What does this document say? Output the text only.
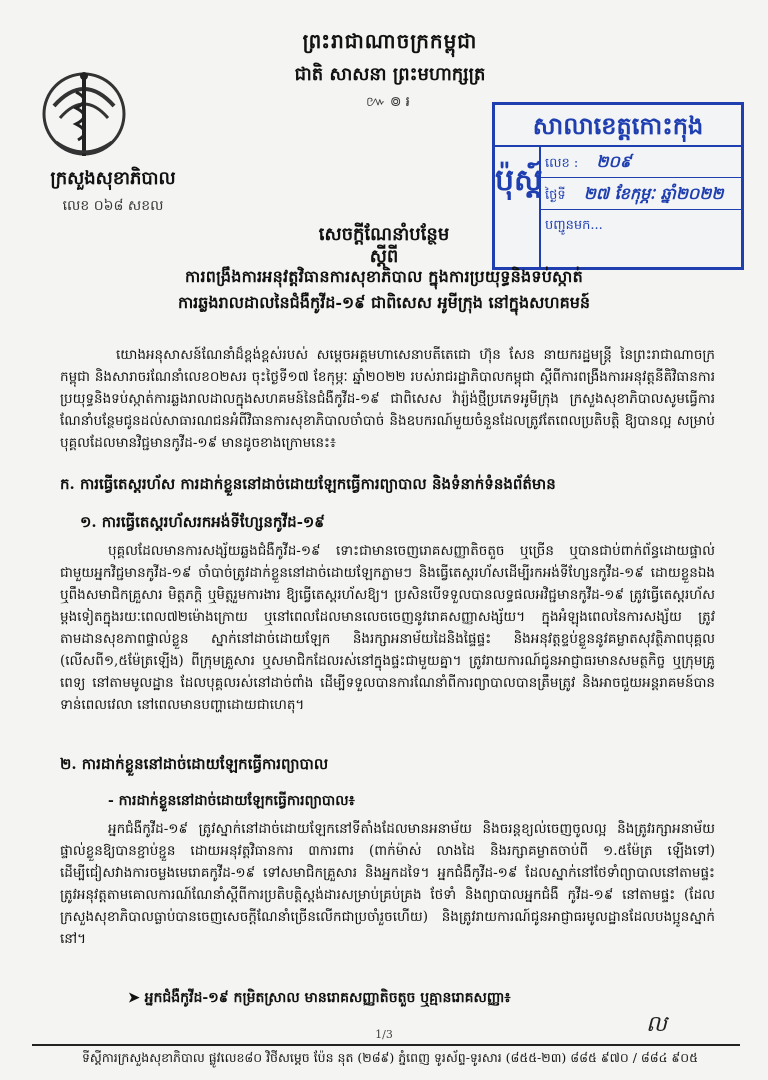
ព្រះរាជាណាចក្រកម្ពុជា
ជាតិ សាសនា ព្រះមហាក្សត្រ
៚៙៛
ក្រសួងសុខាភិបាល
លេខ ០៦៨ សខល
សាលាខេត្តកោះកុង
ប៉ុស្ត៍ លេខ : ២០៩
ថ្ងៃទី ២៧ ខែកុម្ភៈ ឆ្នាំ២០២២
បញ្ជូនមក...
សេចក្តីណែនាំបន្ថែម
ស្តីពី
ការពង្រឹងការអនុវត្តវិធានការសុខាភិបាល ក្នុងការប្រយុទ្ធនិងទប់ស្កាត់
ការឆ្លងរាលដាលនៃជំងឺកូវីដ-១៩ ជាពិសេស អូមីក្រុង នៅក្នុងសហគមន៍
យោងអនុសាសន៍ណែនាំដ៏ខ្ពង់ខ្ពស់របស់ សម្តេចអគ្គមហាសេនាបតីតេជោ ហ៊ុន សែន នាយករដ្ឋមន្ត្រី នៃព្រះរាជាណាចក្រកម្ពុជា និងសារាចរណែនាំលេខ០២សរ ចុះថ្ងៃទី១៧ ខែកុម្ភៈ ឆ្នាំ២០២២ របស់រាជរដ្ឋាភិបាលកម្ពុជា ស្តីពីការពង្រឹងការអនុវត្តនីតិវិធានការប្រយុទ្ធនិងទប់ស្កាត់ការឆ្លងរាលដាលក្នុងសហគមន៍នៃជំងឺកូវីដ-១៩ ជាពិសេស វ៉ារ្យ៉ង់ថ្មីប្រភេទអូមីក្រុង ក្រសួងសុខាភិបាលសូមធ្វើការណែនាំបន្ថែមជូនដល់សាធារណជនអំពីវិធានការសុខាភិបាលចាំបាច់ និងឧបករណ៍មួយចំនួនដែលត្រូវតែពេលប្រតិបត្តិ ឱ្យបានល្អ សម្រាប់បុគ្គលដែលមានវិជ្ជមានកូវីដ-១៩ មានដូចខាងក្រោមនេះ៖
ក. ការធ្វើតេស្តរហ័ស ការដាក់ខ្លួននៅដាច់ដោយឡែកធ្វើការព្យាបាល និងទំនាក់ទំនងព័ត៌មាន
១. ការធ្វើតេស្តរហ័សរកអង់ទីហ្សែនកូវីដ-១៩
បុគ្គលដែលមានការសង្ស័យឆ្លងជំងឺកូវីដ-១៩ ទោះជាមានចេញរោគសញ្ញាតិចតួច ឬច្រើន ឬបានជាប់ពាក់ព័ន្ធដោយផ្ទាល់ជាមួយអ្នកវិជ្ជមានកូវីដ-១៩ ចាំបាច់ត្រូវដាក់ខ្លួននៅដាច់ដោយឡែកភ្លាមៗ និងធ្វើតេស្តរហ័សដើម្បីរកអង់ទីហ្សែនកូវីដ-១៩ ដោយខ្លួនឯង ឬពឹងសមាជិកគ្រួសារ មិត្តភក្តិ ឬមិត្តរួមការងារ ឱ្យធ្វើតេស្តរហ័សឱ្យ។ ប្រសិនបើទទួលបានលទ្ធផលអវិជ្ជមានកូវីដ-១៩ ត្រូវធ្វើតេស្តរហ័សម្តងទៀតក្នុងរយៈពេល៧២ម៉ោងក្រោយ ឬនៅពេលដែលមានលេចចេញនូវរោគសញ្ញាសង្ស័យ។ ក្នុងអំឡុងពេលនៃការសង្ស័យ ត្រូវតាមដានសុខភាពផ្ទាល់ខ្លួន ស្នាក់នៅដាច់ដោយឡែក និងរក្សាអនាម័យដៃនិងផ្ទៃផ្ទះ និងអនុវត្តខ្ទប់ខ្លួននូវគម្លាតសុវត្ថិភាពបុគ្គល (លើសពី១,៥ម៉ែត្រឡើង) ពីក្រុមគ្រួសារ ឬសមាជិកដែលរស់នៅក្នុងផ្ទះជាមួយគ្នា។ ត្រូវរាយការណ៍ជូនអាជ្ញាធរមានសមត្ថកិច្ច ឬក្រុមគ្រូពេទ្យ នៅតាមមូលដ្ឋាន ដែលបុគ្គលរស់នៅដាច់ពាំង ដើម្បីទទួលបានការណែនាំពីការព្យាបាលបានត្រឹមត្រូវ និងអាចជួយអន្តរាគមន៍បានទាន់ពេលវេលា នៅពេលមានបញ្ហាដោយជាហេតុ។
២. ការដាក់ខ្លួននៅដាច់ដោយឡែកធ្វើការព្យាបាល
- ការដាក់ខ្លួននៅដាច់ដោយឡែកធ្វើការព្យាបាល៖
អ្នកជំងឺកូវីដ-១៩ ត្រូវស្នាក់នៅដាច់ដោយឡែកនៅទីតាំងដែលមានអនាម័យ និងចរន្តខ្យល់ចេញចូលល្អ និងត្រូវរក្សាអនាម័យផ្ទាល់ខ្លួនឱ្យបានខ្ជាប់ខ្ជួន ដោយអនុវត្តវិធានការ ៣ការពារ (ពាក់ម៉ាស់ លាងដៃ និងរក្សាគម្លាតចាប់ពី ១.៥ម៉ែត្រ ឡើងទៅ) ដើម្បីជៀសវាងការចម្លងមេរោគកូវីដ-១៩ ទៅសមាជិកគ្រួសារ និងអ្នកដទៃ។ អ្នកជំងឺកូវីដ-១៩ ដែលស្នាក់នៅថែទាំព្យាបាលនៅតាមផ្ទះ ត្រូវអនុវត្តតាមគោលការណ៍ណែនាំស្តីពីការប្រតិបត្តិស្តង់ដារសម្រាប់គ្រប់គ្រង ថែទាំ និងព្យាបាលអ្នកជំងឺ កូវីដ-១៩ នៅតាមផ្ទះ (ដែលក្រសួងសុខាភិបាលធ្លាប់បានចេញសេចក្តីណែនាំច្រើនលើកជាប្រចាំរួចហើយ) និងត្រូវរាយការណ៍ជូនអាជ្ញាធរមូលដ្ឋានដែលបងប្អូនស្នាក់នៅ។
➤ អ្នកជំងឺកូវីដ-១៩ កម្រិតស្រាល មានរោគសញ្ញាតិចតួច ឬគ្មានរោគសញ្ញា៖
ល
1/3
ទីស្តីការក្រសួងសុខាភិបាល ផ្លូវលេខ៨០ វិថីសម្តេច ប៉ែន នុត (២៨៩) ភ្នំពេញ ទូរស័ព្ទ-ទូរសារ (៨៥៥-២៣) ៨៨៥ ៩៧០ / ៨៨៤ ៩០៥
